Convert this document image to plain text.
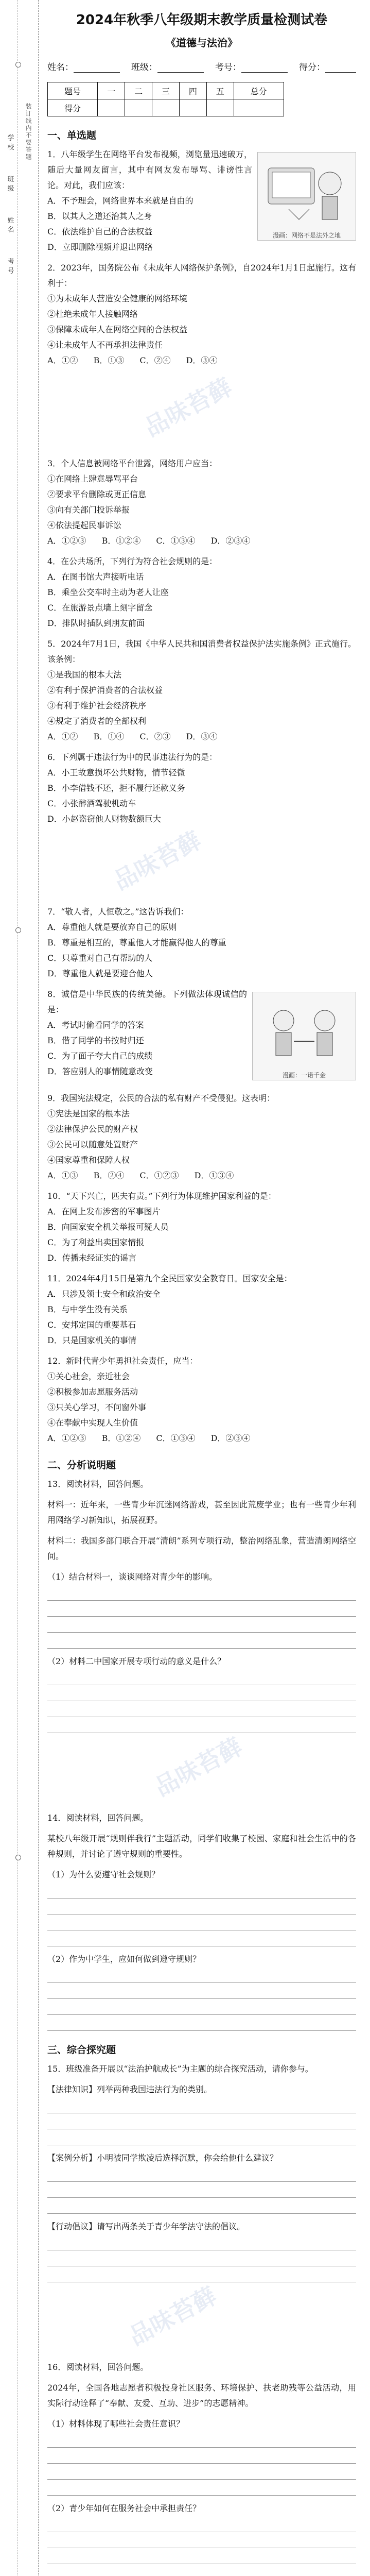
学校
班级
姓名
考号
装订线内不要答题
2024年秋季八年级期末教学质量检测试卷
《道德与法治》
姓名：	班级：	考号：	得分：
题号	一	二	三	四	五	总分
得分						
一、单选题
1．八年级学生在网络平台发布视频，浏览量迅速破万，随后大量网友留言，其中有网友发布辱骂、诽谤性言论。对此，我们应该：
A．不予理会，网络世界本来就是自由的
B．以其人之道还治其人之身
C．依法维护自己的合法权益
D．立即删除视频并退出网络
漫画：网络不是法外之地
2．2023年，国务院公布《未成年人网络保护条例》，自2024年1月1日起施行。这有利于：
①为未成年人营造安全健康的网络环境
②杜绝未成年人接触网络
③保障未成年人在网络空间的合法权益
④让未成年人不再承担法律责任
A．①② B．①③ C．②④ D．③④
品味苔藓
3．个人信息被网络平台泄露，网络用户应当：
①在网络上肆意辱骂平台
②要求平台删除或更正信息
③向有关部门投诉举报
④依法提起民事诉讼
A．①②③ B．①②④ C．①③④ D．②③④
4．在公共场所，下列行为符合社会规则的是：
A．在图书馆大声接听电话
B．乘坐公交车时主动为老人让座
C．在旅游景点墙上刻字留念
D．排队时插队到朋友前面
5．2024年7月1日，我国《中华人民共和国消费者权益保护法实施条例》正式施行。该条例：
①是我国的根本大法
②有利于保护消费者的合法权益
③有利于维护社会经济秩序
④规定了消费者的全部权利
A．①② B．①④ C．②③ D．③④
6．下列属于违法行为中的民事违法行为的是：
A．小王故意损坏公共财物，情节轻微
B．小李借钱不还，拒不履行还款义务
C．小张醉酒驾驶机动车
D．小赵盗窃他人财物数额巨大
品味苔藓
7．“敬人者，人恒敬之。”这告诉我们：
A．尊重他人就是要放弃自己的原则
B．尊重是相互的，尊重他人才能赢得他人的尊重
C．只尊重对自己有帮助的人
D．尊重他人就是要迎合他人
8．诚信是中华民族的传统美德。下列做法体现诚信的是：
A．考试时偷看同学的答案
B．借了同学的书按时归还
C．为了面子夸大自己的成绩
D．答应别人的事情随意改变	漫画：一诺千金
9．我国宪法规定，公民的合法的私有财产不受侵犯。这表明：
①宪法是国家的根本法
②法律保护公民的财产权
③公民可以随意处置财产
④国家尊重和保障人权
A．①③ B．②④ C．①②③ D．①③④
10．“天下兴亡，匹夫有责。”下列行为体现维护国家利益的是：
A．在网上发布涉密的军事图片
B．向国家安全机关举报可疑人员
C．为了利益出卖国家情报
D．传播未经证实的谣言
11．2024年4月15日是第九个全民国家安全教育日。国家安全是：
A．只涉及领土安全和政治安全
B．与中学生没有关系
C．安邦定国的重要基石
D．只是国家机关的事情
12．新时代青少年勇担社会责任，应当：
①关心社会，亲近社会
②积极参加志愿服务活动
③只关心学习，不问窗外事
④在奉献中实现人生价值
A．①②③ B．①②④ C．①③④ D．②③④
二、分析说明题
13．阅读材料，回答问题。
材料一：近年来，一些青少年沉迷网络游戏，甚至因此荒废学业；也有一些青少年利用网络学习新知识，拓展视野。
材料二：我国多部门联合开展“清朗”系列专项行动，整治网络乱象，营造清朗网络空间。
（1）结合材料一，谈谈网络对青少年的影响。
（2）材料二中国家开展专项行动的意义是什么？
品味苔藓
14．阅读材料，回答问题。
某校八年级开展“规则伴我行”主题活动，同学们收集了校园、家庭和社会生活中的各种规则，并讨论了遵守规则的重要性。
（1）为什么要遵守社会规则？
（2）作为中学生，应如何做到遵守规则？
三、综合探究题
15．班级准备开展以“法治护航成长”为主题的综合探究活动，请你参与。
【法律知识】列举两种我国违法行为的类别。
【案例分析】小明被同学欺凌后选择沉默，你会给他什么建议？
【行动倡议】请写出两条关于青少年学法守法的倡议。
品味苔藓
16．阅读材料，回答问题。
2024年，全国各地志愿者积极投身社区服务、环境保护、扶老助残等公益活动，用实际行动诠释了“奉献、友爱、互助、进步”的志愿精神。
（1）材料体现了哪些社会责任意识？
（2）青少年如何在服务社会中承担责任？
